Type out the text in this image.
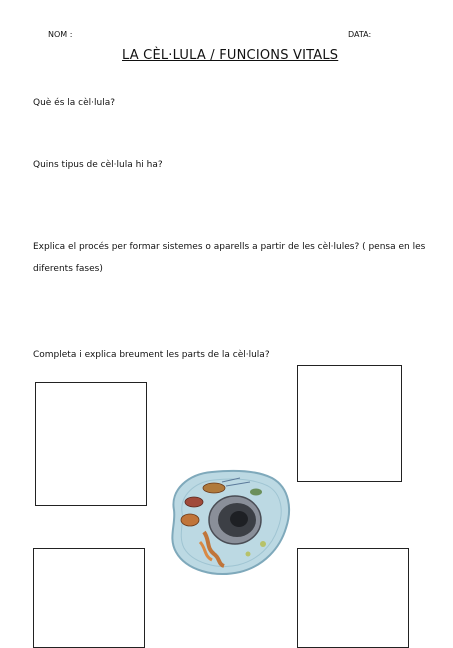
NOM :	DATA:
LA CÈL·LULA / FUNCIONS VITALS
Què és la cèl·lula?
Quins tipus de cèl·lula hi ha?
Explica el procés per formar sistemes o aparells a partir de les cèl·lules? ( pensa en les diferents fases)
Completa i explica breument les parts de la cèl·lula?
